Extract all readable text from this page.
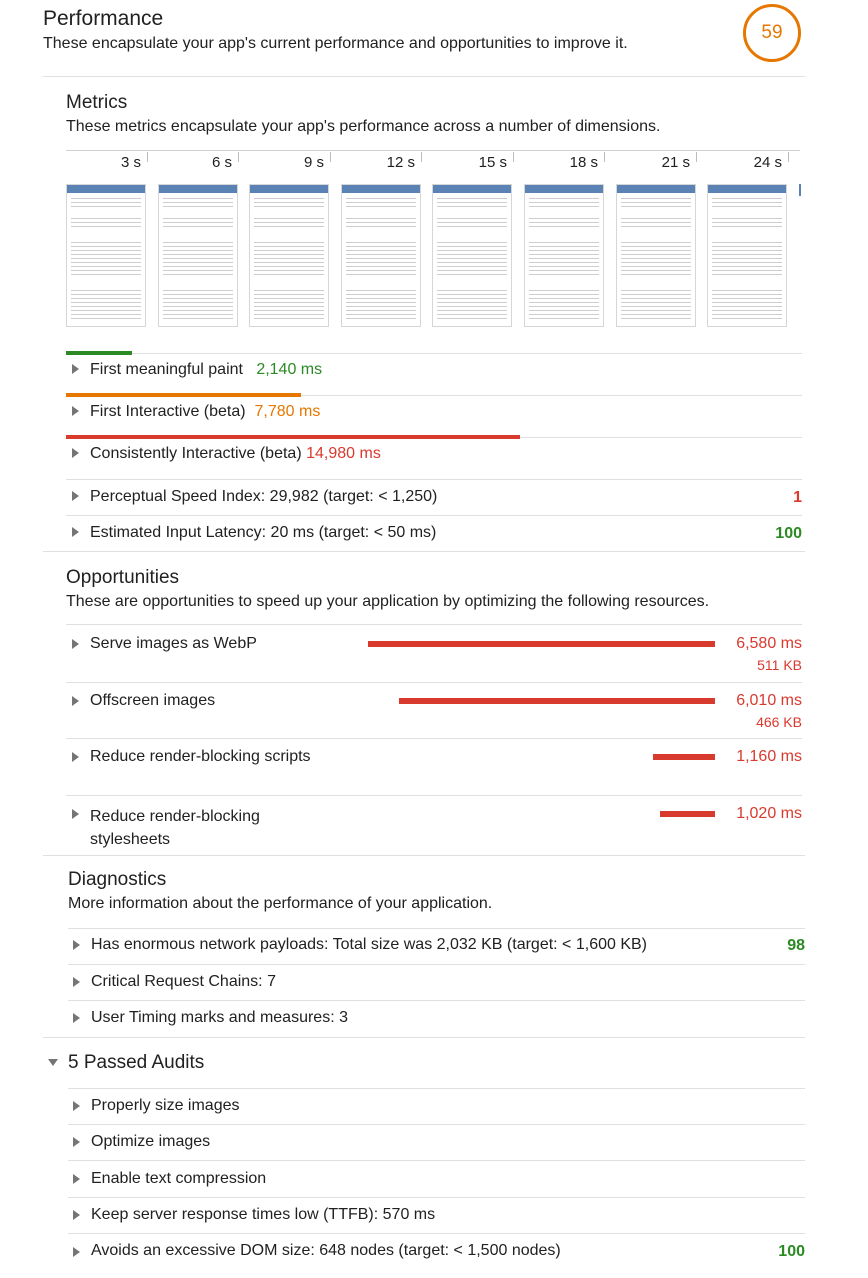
Performance
These encapsulate your app's current performance and opportunities to improve it.
59
Metrics
These metrics encapsulate your app's performance across a number of dimensions.
3 s	6 s	9 s	12 s	15 s	18 s	21 s	24 s
First meaningful paint 2,140 ms
First Interactive (beta) 7,780 ms
Consistently Interactive (beta) 14,980 ms
Perceptual Speed Index: 29,982 (target: < 1,250)	1
Estimated Input Latency: 20 ms (target: < 50 ms)	100
Opportunities
These are opportunities to speed up your application by optimizing the following resources.
Serve images as WebP	6,580 ms
511 KB
Offscreen images	6,010 ms
466 KB
Reduce render-blocking scripts	1,160 ms
Reduce render-blocking
stylesheets
1,020 ms
Diagnostics
More information about the performance of your application.
Has enormous network payloads: Total size was 2,032 KB (target: < 1,600 KB)	98
Critical Request Chains: 7
User Timing marks and measures: 3
5 Passed Audits
Properly size images
Optimize images
Enable text compression
Keep server response times low (TTFB): 570 ms
Avoids an excessive DOM size: 648 nodes (target: < 1,500 nodes)	100
